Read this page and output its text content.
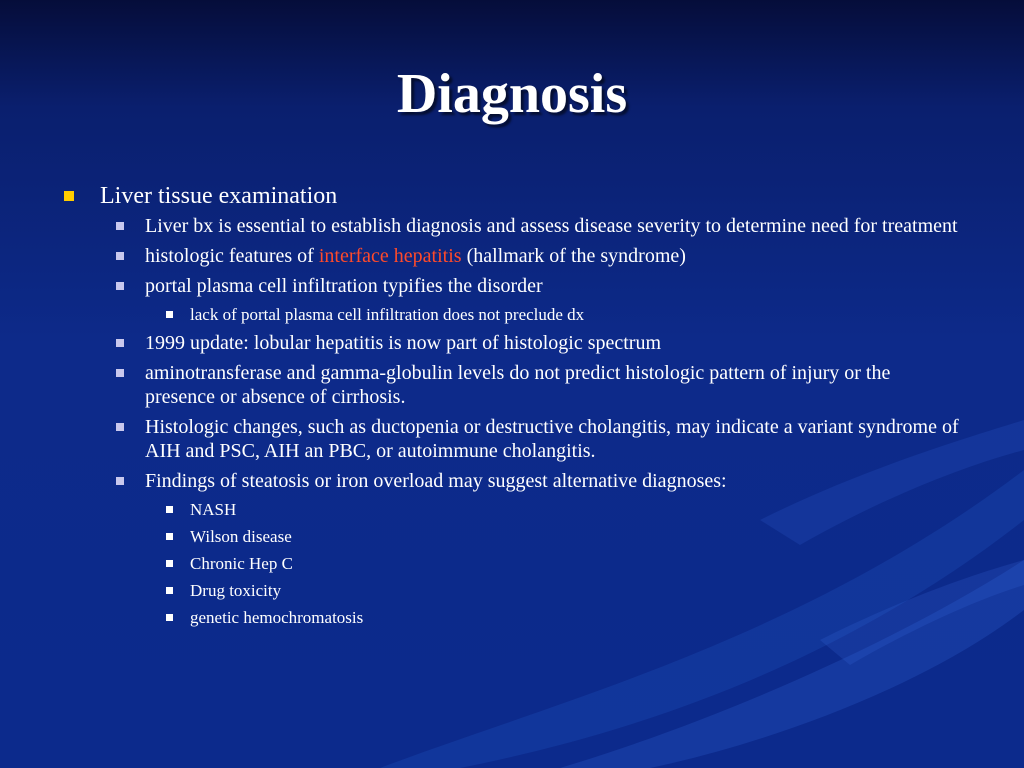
Diagnosis
Liver tissue examination
Liver bx is essential to establish diagnosis and assess disease severity to determine need for treatment
histologic features of interface hepatitis (hallmark of the syndrome)
portal plasma cell infiltration typifies the disorder
lack of portal plasma cell infiltration does not preclude dx
1999 update: lobular hepatitis is now part of histologic spectrum
aminotransferase and gamma-globulin levels do not predict histologic pattern of injury or the presence or absence of cirrhosis.
Histologic changes, such as ductopenia or destructive cholangitis, may indicate a variant syndrome of AIH and PSC, AIH an PBC, or autoimmune cholangitis.
Findings of steatosis or iron overload may suggest alternative diagnoses:
NASH
Wilson disease
Chronic Hep C
Drug toxicity
genetic hemochromatosis
